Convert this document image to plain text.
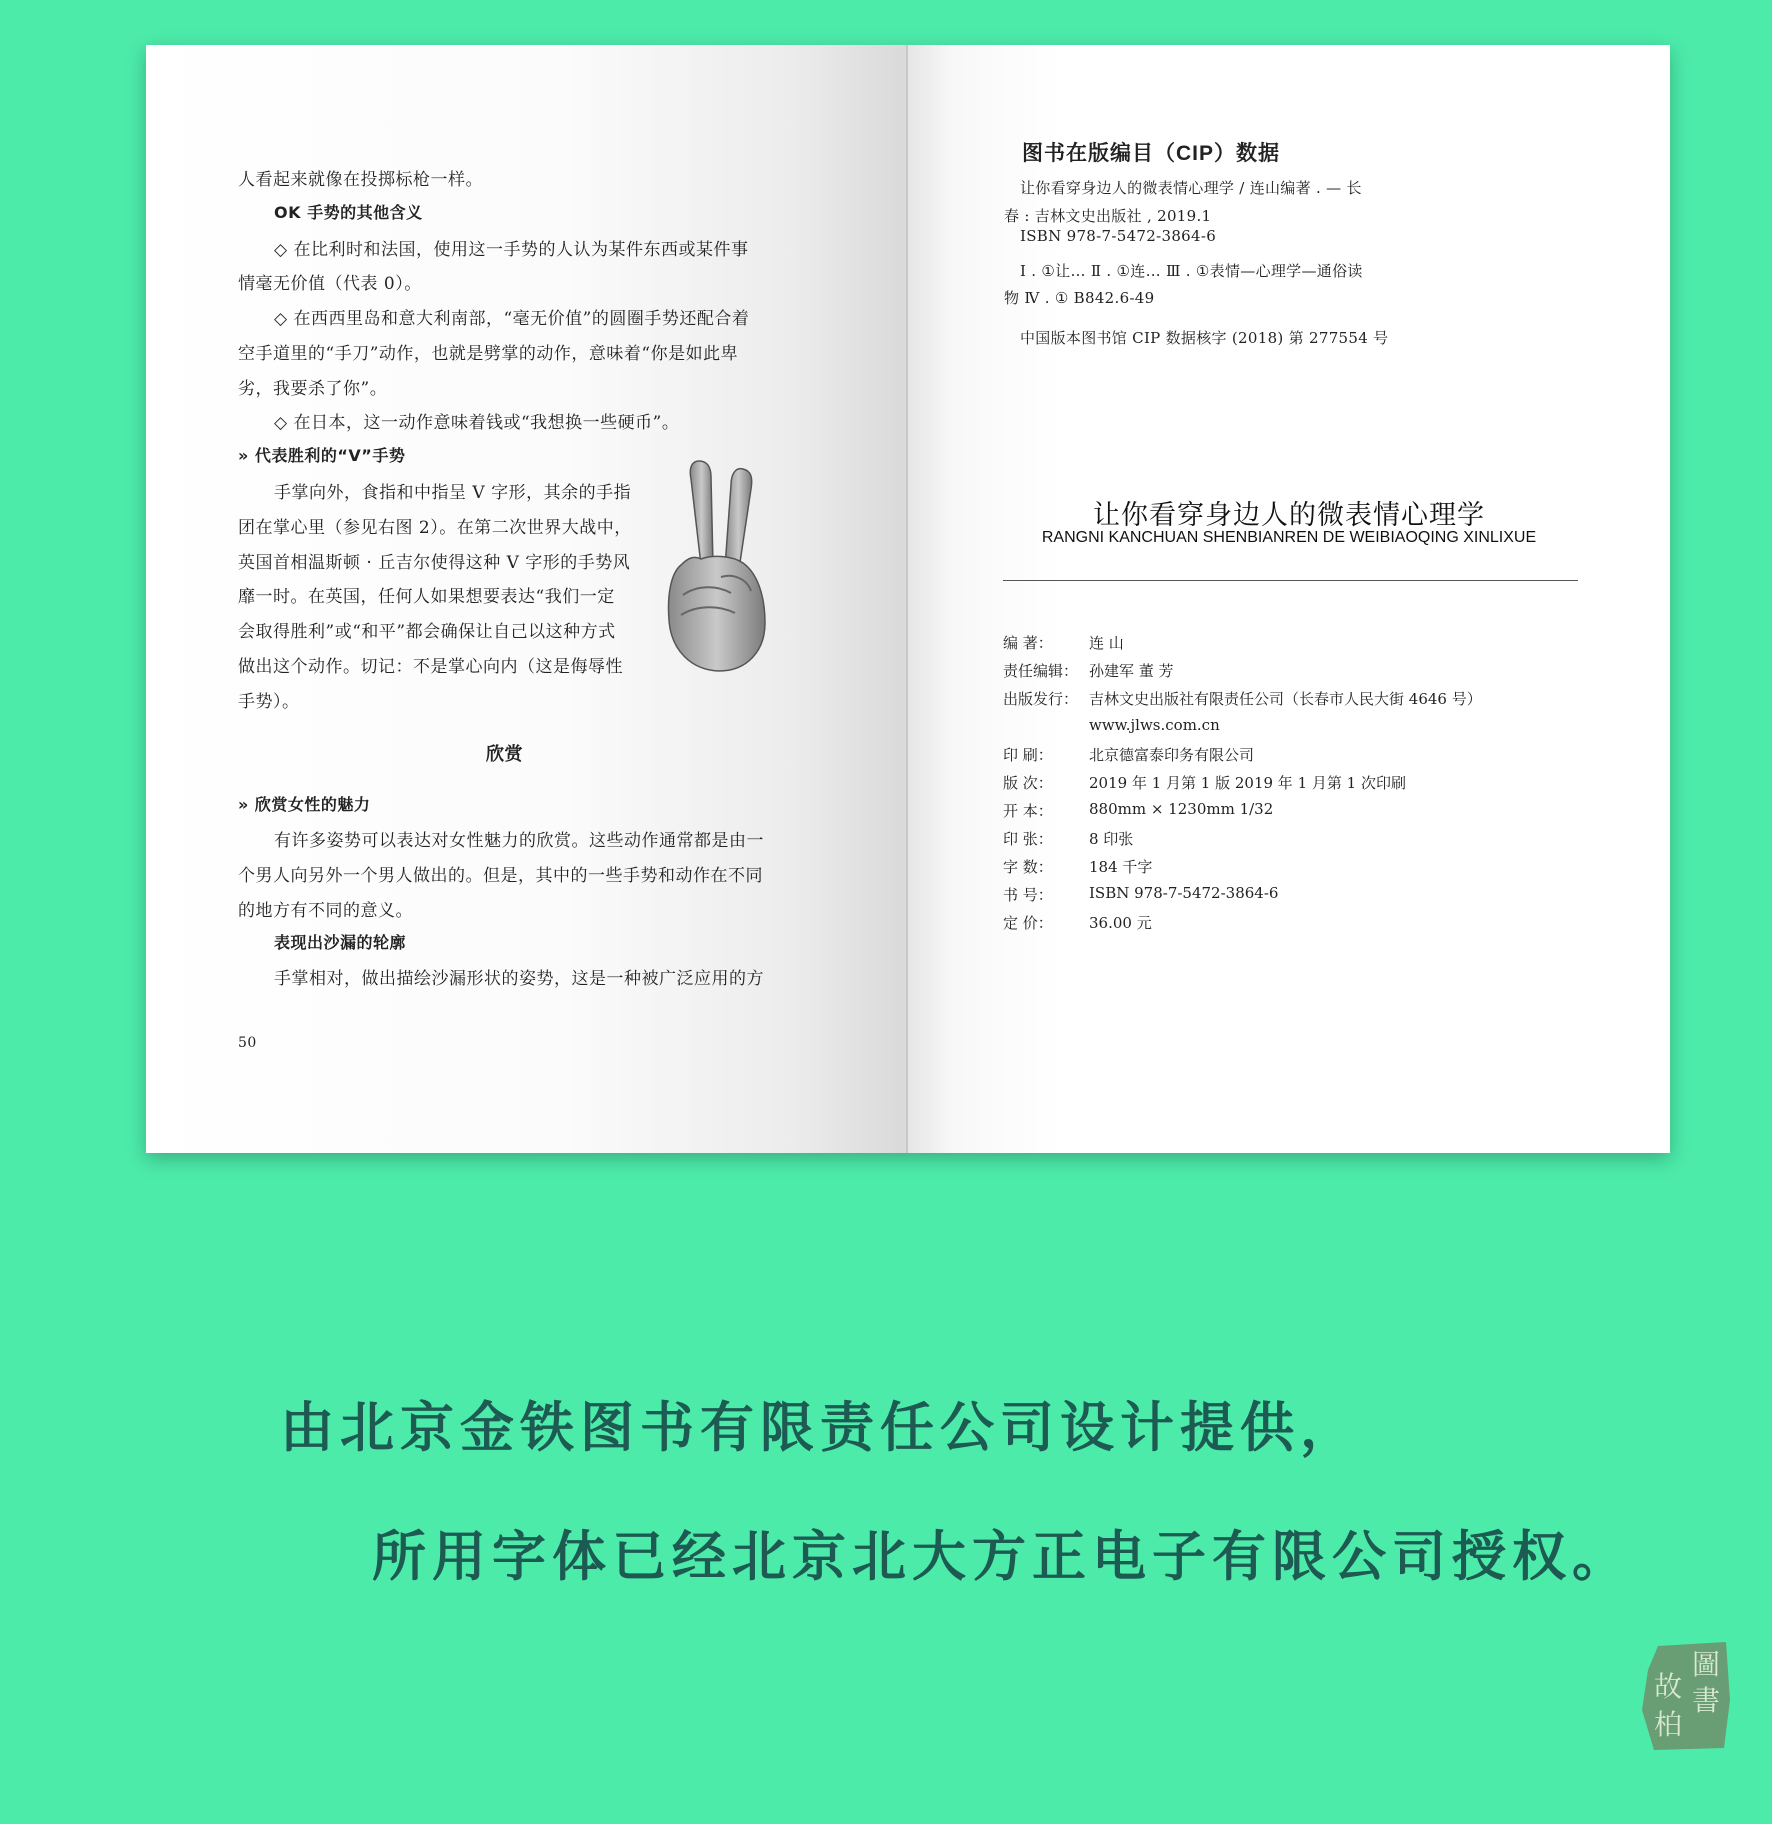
人看起来就像在投掷标枪一样。
OK 手势的其他含义
◇ 在比利时和法国，使用这一手势的人认为某件东西或某件事
情毫无价值（代表 0）。
◇ 在西西里岛和意大利南部，“毫无价值”的圆圈手势还配合着
空手道里的“手刀”动作，也就是劈掌的动作，意味着“你是如此卑
劣，我要杀了你”。
◇ 在日本，这一动作意味着钱或“我想换一些硬币”。
» 代表胜利的“V”手势
手掌向外，食指和中指呈 V 字形，其余的手指
团在掌心里（参见右图 2）。在第二次世界大战中，
英国首相温斯顿 · 丘吉尔使得这种 V 字形的手势风
靡一时。在英国，任何人如果想要表达“我们一定
会取得胜利”或“和平”都会确保让自己以这种方式
做出这个动作。切记：不是掌心向内（这是侮辱性
手势）。
欣赏
» 欣赏女性的魅力
有许多姿势可以表达对女性魅力的欣赏。这些动作通常都是由一
个男人向另外一个男人做出的。但是，其中的一些手势和动作在不同
的地方有不同的意义。
表现出沙漏的轮廓
手掌相对，做出描绘沙漏形状的姿势，这是一种被广泛应用的方
50
图书在版编目（CIP）数据
让你看穿身边人的微表情心理学 / 连山编著 . — 长
春 : 吉林文史出版社 , 2019.1
ISBN 978-7-5472-3864-6
Ⅰ . ①让… Ⅱ . ①连… Ⅲ . ①表情—心理学—通俗读
物 Ⅳ . ① B842.6-49
中国版本图书馆 CIP 数据核字 (2018) 第 277554 号
让你看穿身边人的微表情心理学
RANGNI KANCHUAN SHENBIANREN DE WEIBIAOQING XINLIXUE
编 著： 连 山
责任编辑： 孙建军 董 芳
出版发行： 吉林文史出版社有限责任公司（长春市人民大街 4646 号）
www.jlws.com.cn
印 刷： 北京德富泰印务有限公司
版 次： 2019 年 1 月第 1 版 2019 年 1 月第 1 次印刷
开 本： 880mm × 1230mm 1/32
印 张： 8 印张
字 数： 184 千字
书 号： ISBN 978-7-5472-3864-6
定 价： 36.00 元
由北京金铁图书有限责任公司设计提供，
所用字体已经北京北大方正电子有限公司授权。
圖
書
故
柏
